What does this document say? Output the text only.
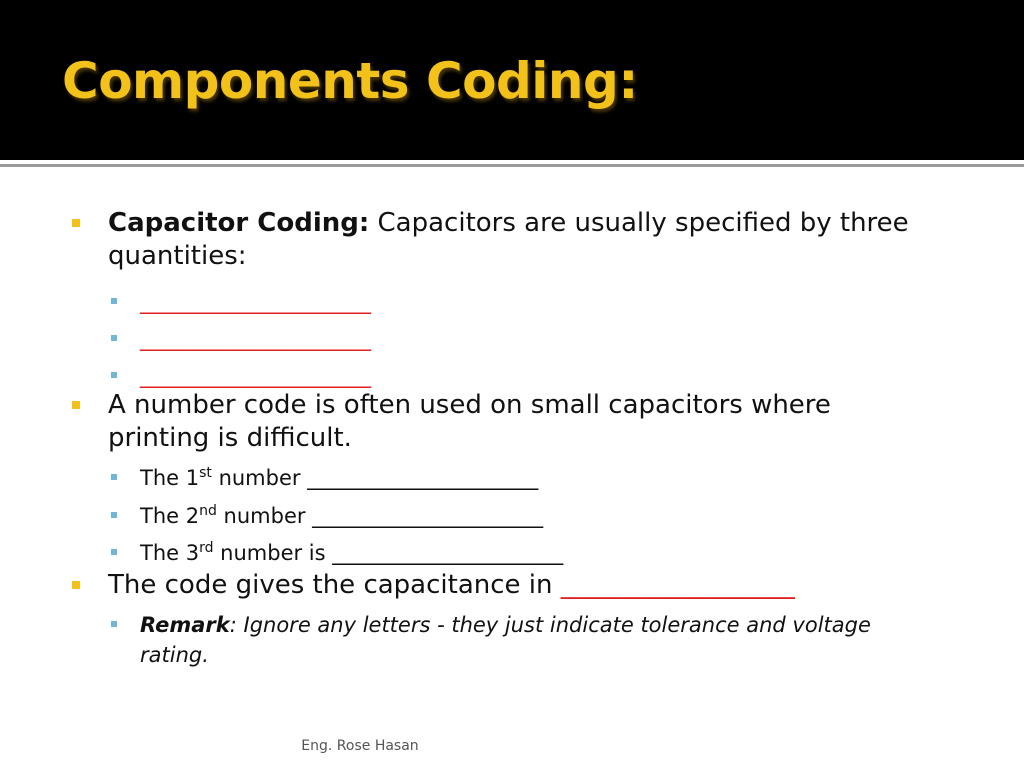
Components Coding:
Capacitor Coding: Capacitors are usually specified by three quantities:
______________________
______________________
______________________
A number code is often used on small capacitors where printing is difficult.
The 1st number ______________________
The 2nd number ______________________
The 3rd number is ______________________
The code gives the capacitance in __________________
Remark: Ignore any letters - they just indicate tolerance and voltage rating.
Eng. Rose Hasan
